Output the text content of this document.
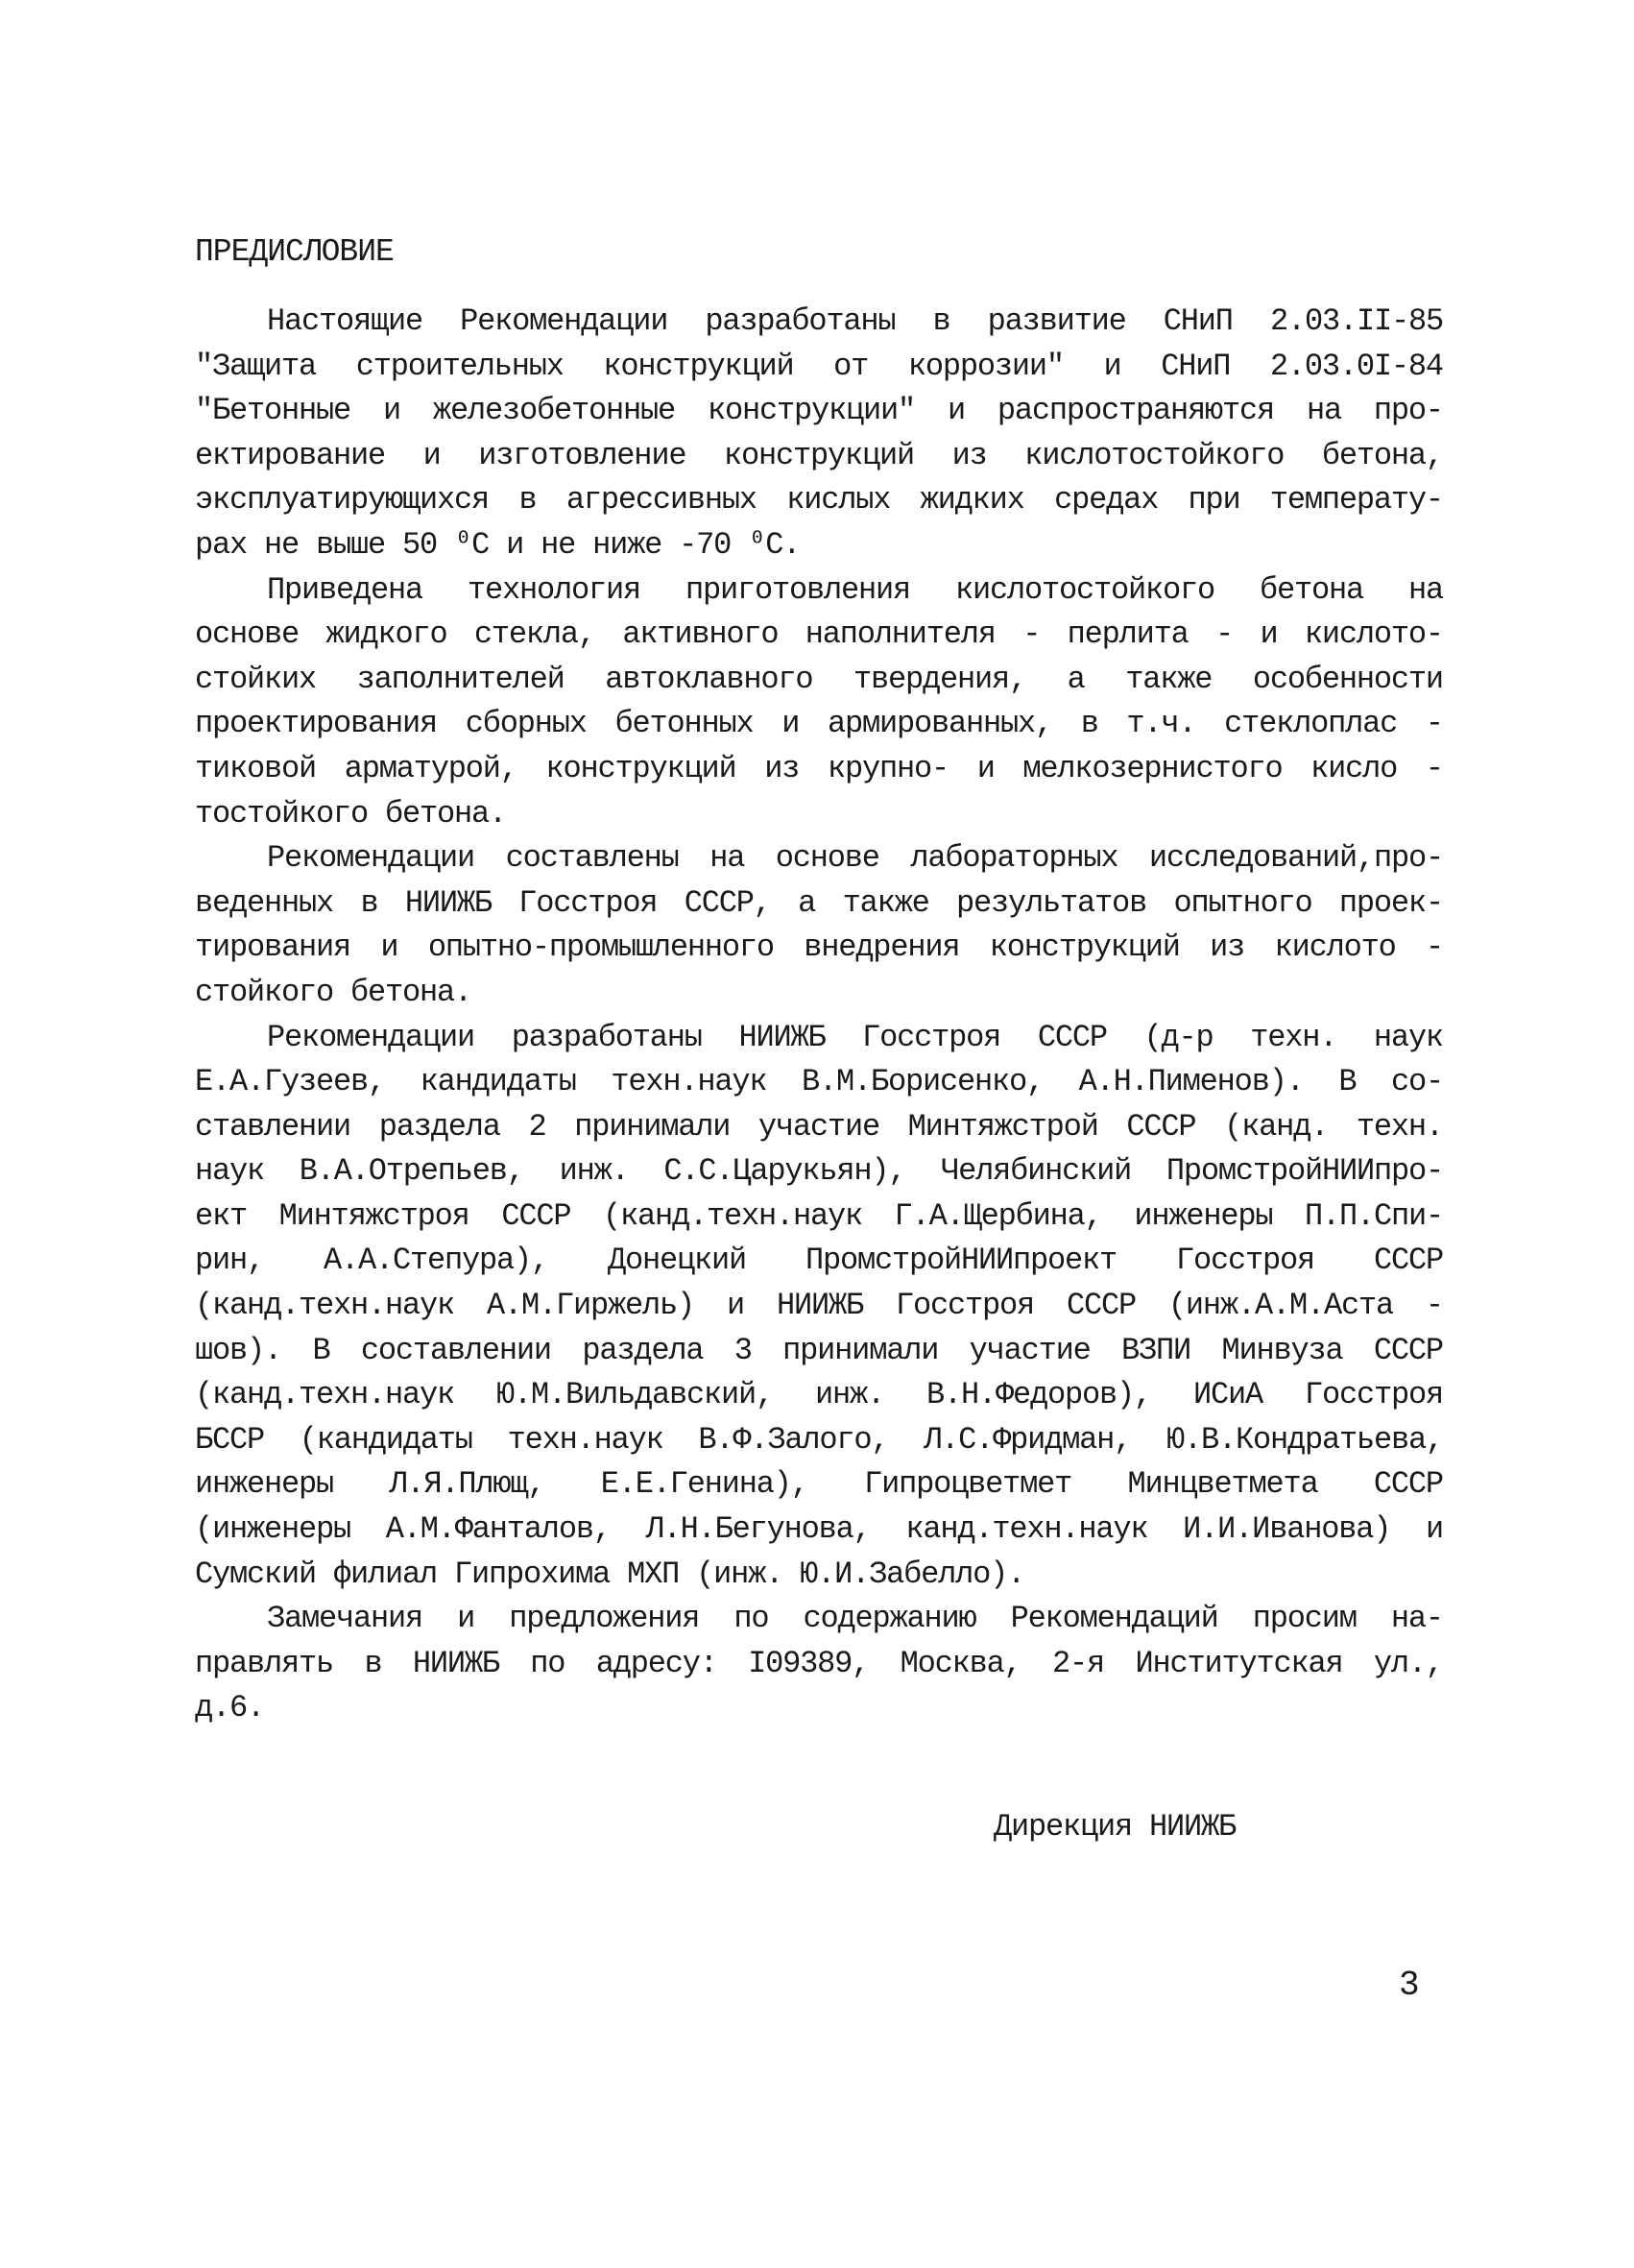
ПРЕДИСЛОВИЕ
Настоящие Рекомендации разработаны в развитие СНиП 2.03.II-85
"Защита строительных конструкций от коррозии" и СНиП 2.03.0I-84
"Бетонные и железобетонные конструкции" и распространяются на про-
ектирование и изготовление конструкций из кислотостойкого бетона,
эксплуатирующихся в агрессивных кислых жидких средах при температу-
рах не выше 50 ⁰С и не ниже -70 ⁰С.
Приведена технология приготовления кислотостойкого бетона на
основе жидкого стекла, активного наполнителя - перлита - и кислото-
стойких заполнителей автоклавного твердения, а также особенности
проектирования сборных бетонных и армированных, в т.ч. стеклоплас -
тиковой арматурой, конструкций из крупно- и мелкозернистого кисло -
тостойкого бетона.
Рекомендации составлены на основе лабораторных исследований,про-
веденных в НИИЖБ Госстроя СССР, а также результатов опытного проек-
тирования и опытно-промышленного внедрения конструкций из кислото -
стойкого бетона.
Рекомендации разработаны НИИЖБ Госстроя СССР (д-р техн. наук
Е.А.Гузеев, кандидаты техн.наук В.М.Борисенко, А.Н.Пименов). В со-
ставлении раздела 2 принимали участие Минтяжстрой СССР (канд. техн.
наук В.А.Отрепьев, инж. С.С.Царукьян), Челябинский ПромстройНИИпро-
ект Минтяжстроя СССР (канд.техн.наук Г.А.Щербина, инженеры П.П.Спи-
рин, А.А.Степура), Донецкий ПромстройНИИпроект Госстроя СССР
(канд.техн.наук А.М.Гиржель) и НИИЖБ Госстроя СССР (инж.А.М.Аста -
шов). В составлении раздела 3 принимали участие ВЗПИ Минвуза СССР
(канд.техн.наук Ю.М.Вильдавский, инж. В.Н.Федоров), ИСиА Госстроя
БССР (кандидаты техн.наук В.Ф.Залого, Л.С.Фридман, Ю.В.Кондратьева,
инженеры Л.Я.Плющ, Е.Е.Генина), Гипроцветмет Минцветмета СССР
(инженеры А.М.Фанталов, Л.Н.Бегунова, канд.техн.наук И.И.Иванова) и
Сумский филиал Гипрохима МХП (инж. Ю.И.Забелло).
Замечания и предложения по содержанию Рекомендаций просим на-
правлять в НИИЖБ по адресу: I09389, Москва, 2-я Институтская ул.,
д.6.
Дирекция НИИЖБ
3
